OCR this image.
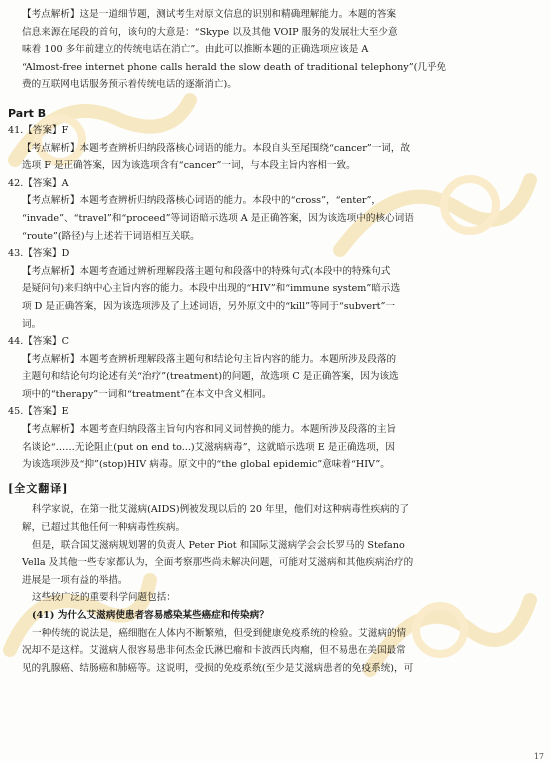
【考点解析】这是一道细节题，测试考生对原文信息的识别和精确理解能力。本题的答案
信息来源在尾段的首句，该句的大意是：“Skype 以及其他 VOIP 服务的发展壮大至少意
味着 100 多年前建立的传统电话在消亡”。由此可以推断本题的正确选项应该是 A
“Almost-free internet phone calls herald the slow death of traditional telephony”(几乎免
费的互联网电话服务预示着传统电话的逐渐消亡)。
Part B
41.【答案】F
【考点解析】本题考查辨析归纳段落核心词语的能力。本段自头至尾围绕“cancer”一词，故
选项 F 是正确答案，因为该选项含有“cancer”一词，与本段主旨内容相一致。
42.【答案】A
【考点解析】本题考查辨析归纳段落核心词语的能力。本段中的“cross”，“enter”，
“invade”、“travel”和“proceed”等词语暗示选项 A 是正确答案，因为该选项中的核心词语
“route”(路径)与上述若干词语相互关联。
43.【答案】D
【考点解析】本题考查通过辨析理解段落主题句和段落中的特殊句式(本段中的特殊句式
是疑问句)来归纳中心主旨内容的能力。本段中出现的“HIV”和“immune system”暗示选
项 D 是正确答案，因为该选项涉及了上述词语，另外原文中的“kill”等同于“subvert”一
词。
44.【答案】C
【考点解析】本题考查辨析理解段落主题句和结论句主旨内容的能力。本题所涉及段落的
主题句和结论句均论述有关“治疗”(treatment)的问题，故选项 C 是正确答案，因为该选
项中的“therapy”一词和“treatment”在本文中含义相同。
45.【答案】E
【考点解析】本题考查归纳段落主旨句内容和同义词替换的能力。本题所涉及段落的主旨
名谈论“……无论阻止(put on end to...)艾滋病病毒”，这就暗示选项 E 是正确选项，因
为该选项涉及“抑”(stop)HIV 病毒。原文中的“the global epidemic”意味着“HIV”。
[全文翻译]
科学家说，在第一批艾滋病(AIDS)例被发现以后的 20 年里，他们对这种病毒性疾病的了
解，已超过其他任何一种病毒性疾病。
但是，联合国艾滋病规划署的负责人 Peter Piot 和国际艾滋病学会会长罗马的 Stefano
Vella 及其他一些专家都认为，全面考察那些尚未解决问题，可能对艾滋病和其他疾病治疗的
进展是一项有益的举措。
这些较广泛的重要科学问题包括：
(41) 为什么艾滋病使患者容易感染某些癌症和传染病？
一种传统的说法是，癌细胞在人体内不断繁殖，但受到健康免疫系统的检验。艾滋病的情
况却不是这样。艾滋病人很容易患非何杰金氏淋巴瘤和卡波西氏肉瘤，但不易患在美国最常
见的乳腺癌、结肠癌和肺癌等。这说明，受损的免疫系统(至少是艾滋病患者的免疫系统)，可
17
